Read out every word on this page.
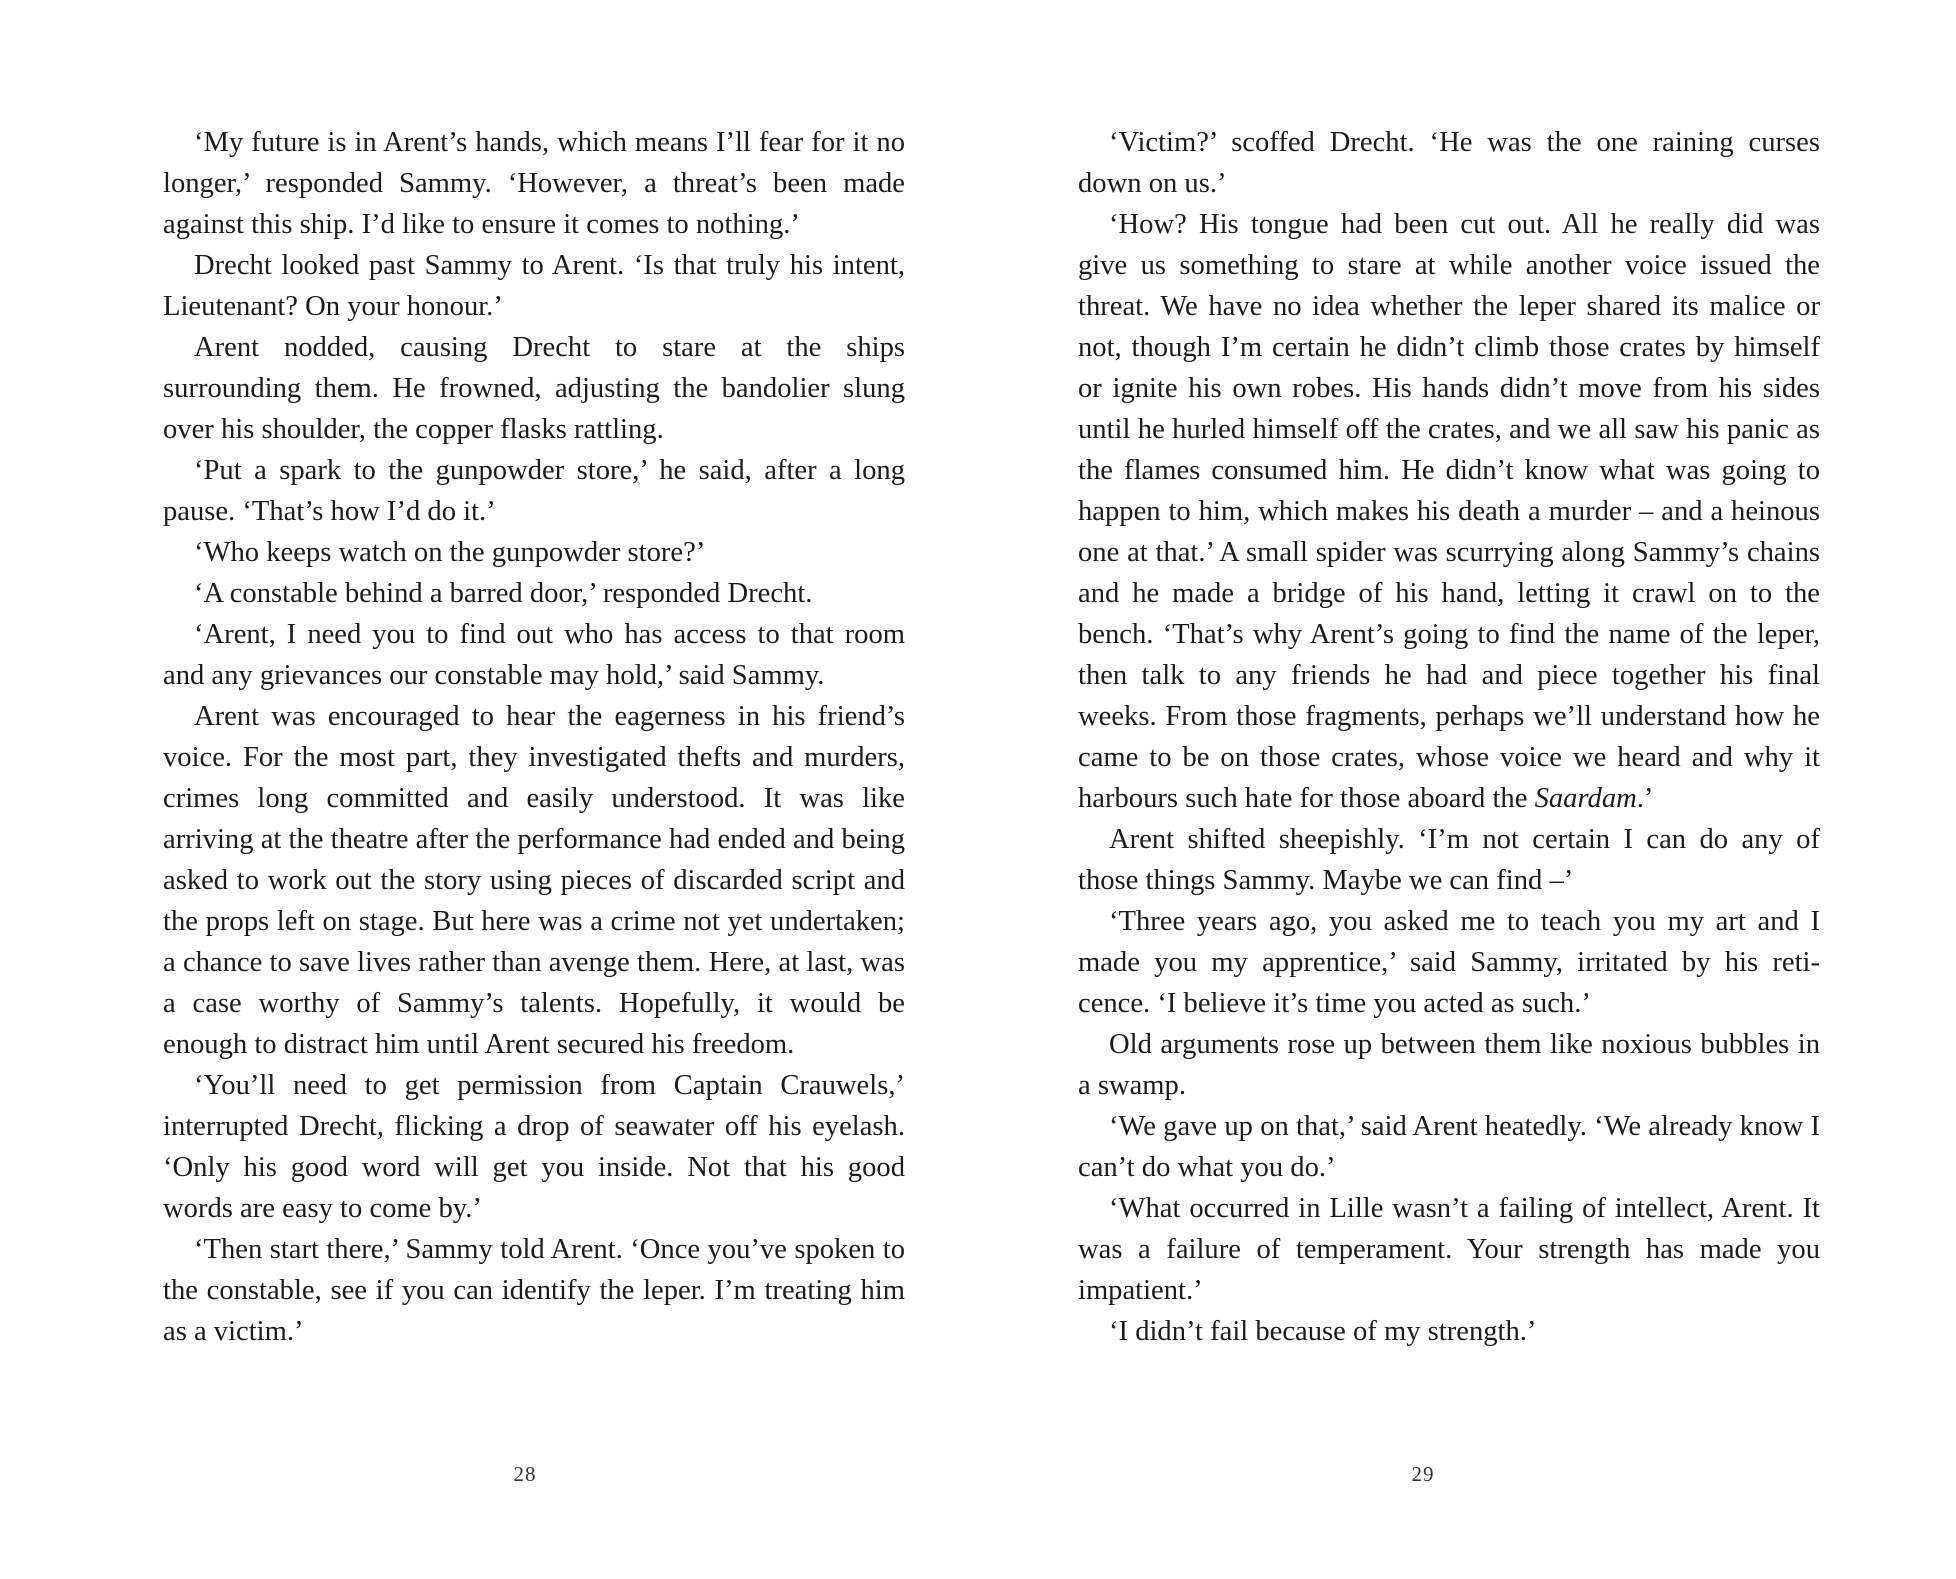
‘My future is in Arent’s hands, which means I’ll fear for it no longer,’ responded Sammy. ‘However, a threat’s been made against this ship. I’d like to ensure it comes to nothing.’

Drecht looked past Sammy to Arent. ‘Is that truly his intent, Lieutenant? On your honour.’

Arent nodded, causing Drecht to stare at the ships surrounding them. He frowned, adjusting the bandolier slung over his shoulder, the copper flasks rattling.

‘Put a spark to the gunpowder store,’ he said, after a long pause. ‘That’s how I’d do it.’

‘Who keeps watch on the gunpowder store?’

‘A constable behind a barred door,’ responded Drecht.

‘Arent, I need you to find out who has access to that room and any grievances our constable may hold,’ said Sammy.

Arent was encouraged to hear the eagerness in his friend’s voice. For the most part, they investigated thefts and murders, crimes long committed and easily understood. It was like arriving at the theatre after the performance had ended and being asked to work out the story using pieces of discarded script and the props left on stage. But here was a crime not yet undertaken; a chance to save lives rather than avenge them. Here, at last, was a case worthy of Sammy’s talents. Hopefully, it would be enough to distract him until Arent secured his freedom.

‘You’ll need to get permission from Captain Crauwels,’ interrupted Drecht, flicking a drop of seawater off his eyelash. ‘Only his good word will get you inside. Not that his good words are easy to come by.’

‘Then start there,’ Sammy told Arent. ‘Once you’ve spoken to the constable, see if you can identify the leper. I’m treating him as a victim.’

28

‘Victim?’ scoffed Drecht. ‘He was the one raining curses down on us.’

‘How? His tongue had been cut out. All he really did was give us something to stare at while another voice issued the threat. We have no idea whether the leper shared its malice or not, though I’m certain he didn’t climb those crates by himself or ignite his own robes. His hands didn’t move from his sides until he hurled himself off the crates, and we all saw his panic as the flames consumed him. He didn’t know what was going to happen to him, which makes his death a murder – and a heinous one at that.’ A small spider was scurrying along Sammy’s chains and he made a bridge of his hand, letting it crawl on to the bench. ‘That’s why Arent’s going to find the name of the leper, then talk to any friends he had and piece together his final weeks. From those fragments, perhaps we’ll understand how he came to be on those crates, whose voice we heard and why it harbours such hate for those aboard the Saardam.’

Arent shifted sheepishly. ‘I’m not certain I can do any of those things Sammy. Maybe we can find –’

‘Three years ago, you asked me to teach you my art and I made you my apprentice,’ said Sammy, irritated by his reti-cence. ‘I believe it’s time you acted as such.’

Old arguments rose up between them like noxious bubbles in a swamp.

‘We gave up on that,’ said Arent heatedly. ‘We already know I can’t do what you do.’

‘What occurred in Lille wasn’t a failing of intellect, Arent. It was a failure of temperament. Your strength has made you impatient.’

‘I didn’t fail because of my strength.’

29
